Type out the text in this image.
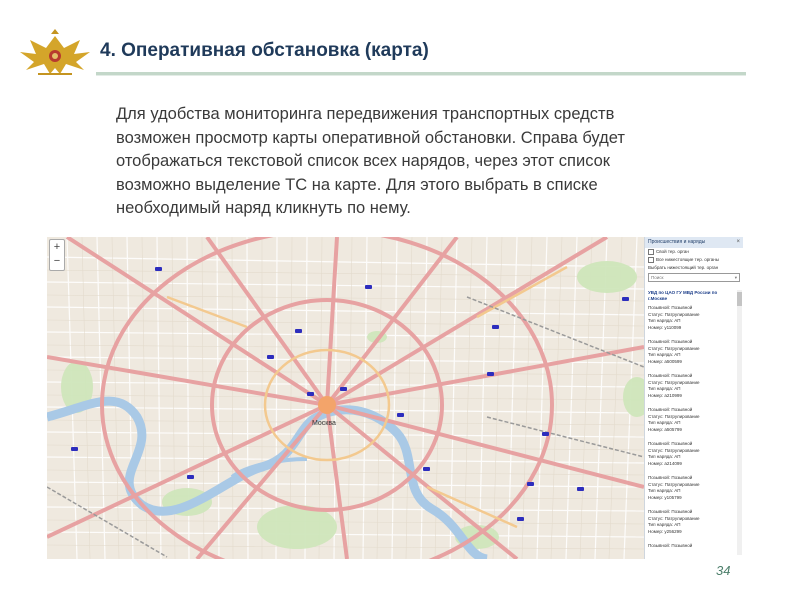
4. Оперативная обстановка (карта)
Для удобства мониторинга передвижения транспортных средств возможен просмотр карты оперативной обстановки. Справа будет отображаться текстовой список всех нарядов, через этот список возможно выделение ТС на карте. Для этого выбрать в списке необходимый наряд кликнуть по нему.
Москва
+
−
Происшествия и наряды	×
Свой тер. орган
Все нижестоящие тер. органы
Выбрать нижестоящий тер. орган
Поиск	▾
УВД по ЦАО ГУ МВД России по г.Москве
Позывной: Позывной
Статус: Патрулирование
Тип наряда: АП
Номер: у110099
Позывной: Позывной
Статус: Патрулирование
Тип наряда: АП
Номер: а500599
Позывной: Позывной
Статус: Патрулирование
Тип наряда: АП
Номер: а210999
Позывной: Позывной
Статус: Патрулирование
Тип наряда: АП
Номер: а505799
Позывной: Позывной
Статус: Патрулирование
Тип наряда: АП
Номер: а214099
Позывной: Позывной
Статус: Патрулирование
Тип наряда: АП
Номер: у105799
Позывной: Позывной
Статус: Патрулирование
Тип наряда: АП
Номер: у256299
Позывной: Позывной
34
